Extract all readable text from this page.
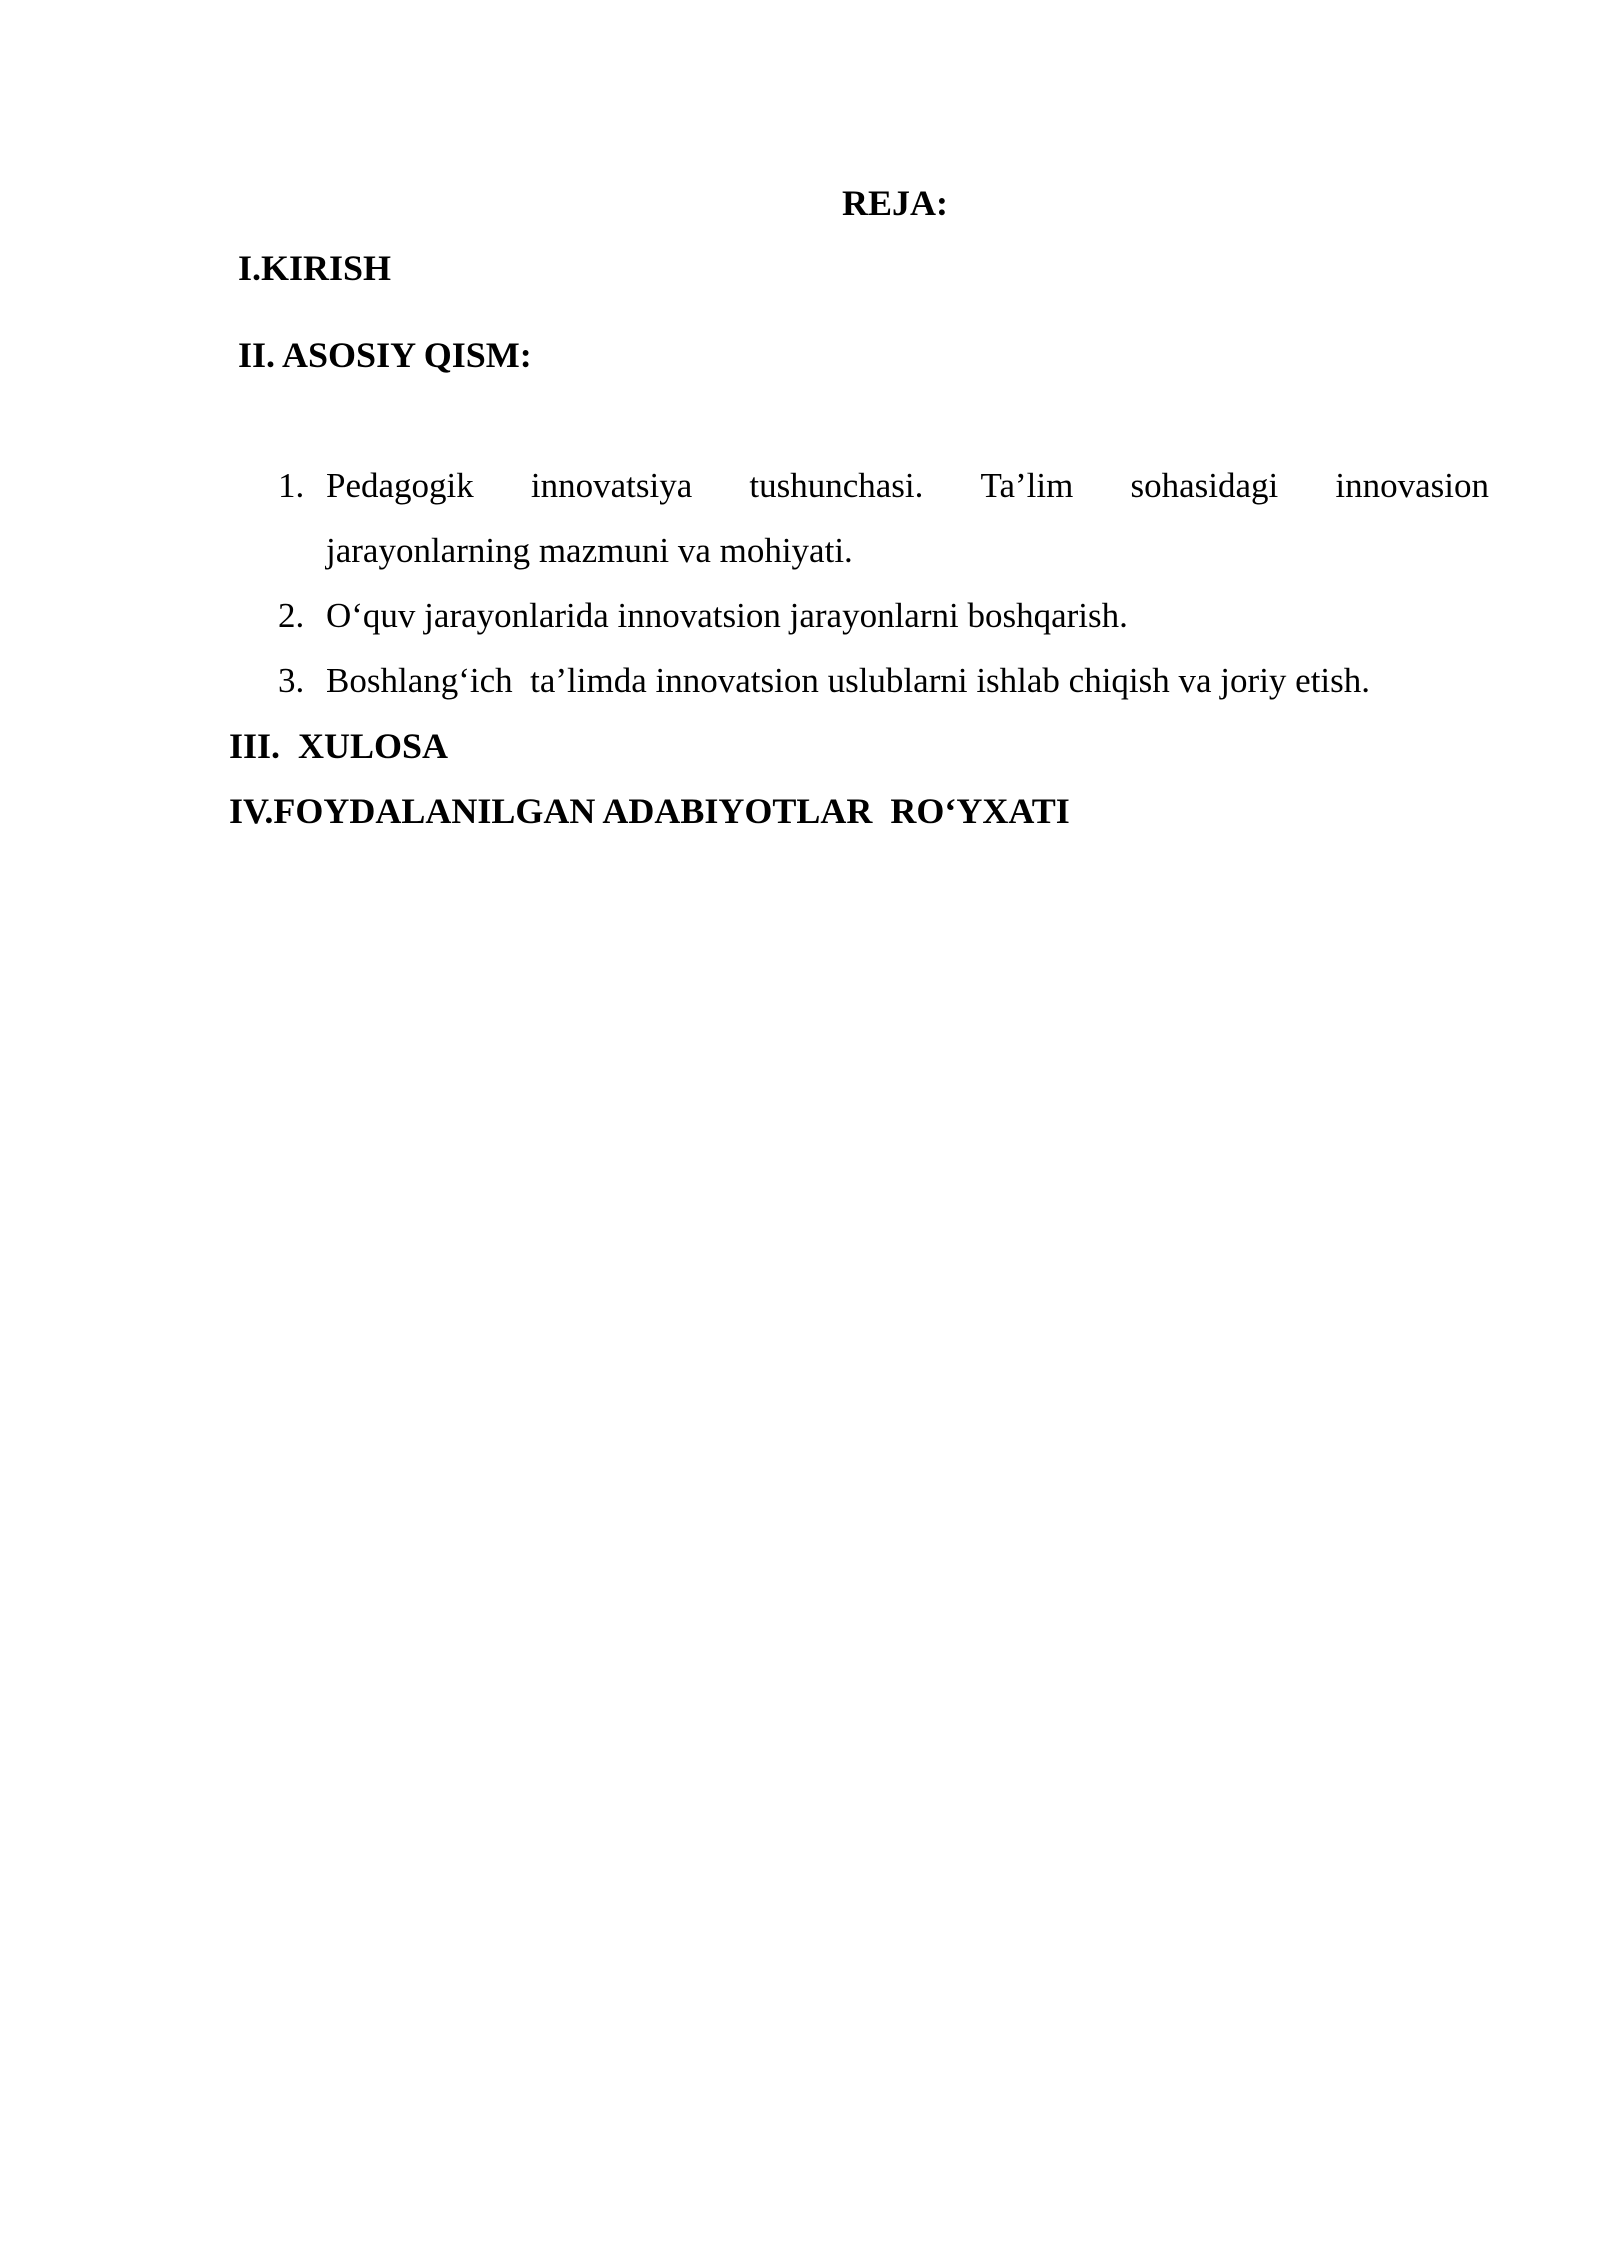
REJA:
I.KIRISH
II. ASOSIY QISM:
1. Pedagogik innovatsiya tushunchasi. Ta’lim sohasidagi innovasion
jarayonlarning mazmuni va mohiyati.
2. O‘quv jarayonlarida innovatsion jarayonlarni boshqarish.
3. Boshlang‘ich  ta’limda innovatsion uslublarni ishlab chiqish va joriy etish.
III.  XULOSA
IV.FOYDALANILGAN ADABIYOTLAR  RO‘YXATI
